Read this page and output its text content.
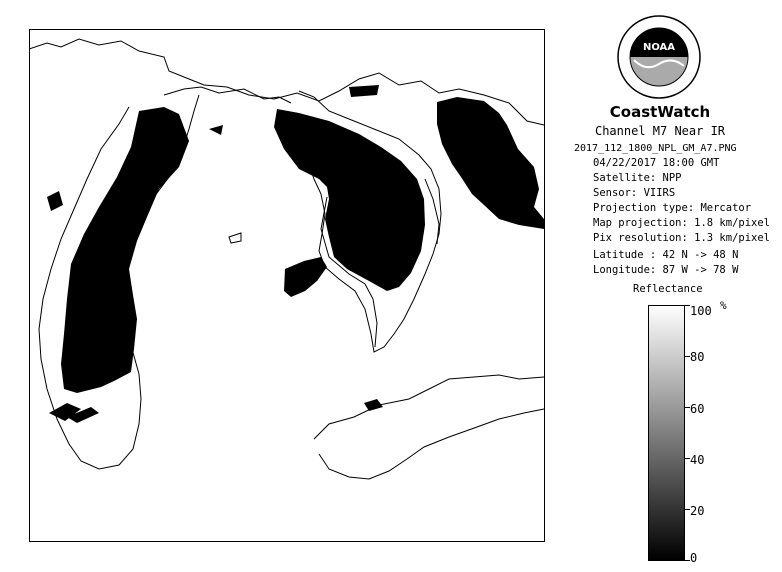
NOAA
CoastWatch
Channel M7 Near IR
2017_112_1800_NPL_GM_A7.PNG
04/22/2017 18:00 GMT
Satellite: NPP
Sensor: VIIRS
Projection type: Mercator
Map projection: 1.8 km/pixel
Pix resolution: 1.3 km/pixel
Latitude : 42 N -> 48 N
Longitude: 87 W -> 78 W
Reflectance
%
100
80
60
40
20
0
